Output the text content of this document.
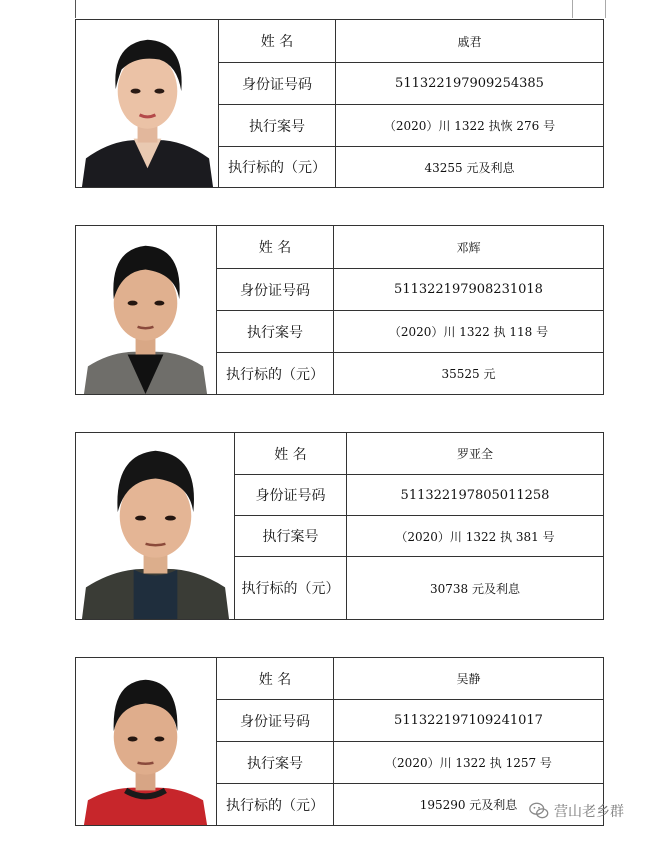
姓 名	戚君
身份证号码	511322197909254385
执行案号	（2020）川 1322 执恢 276 号
执行标的（元）	43255 元及利息
姓 名	邓辉
身份证号码	511322197908231018
执行案号	（2020）川 1322 执 118 号
执行标的（元）	35525 元
姓 名	罗亚全
身份证号码	511322197805011258
执行案号	（2020）川 1322 执 381 号
执行标的（元）	30738 元及利息
姓 名	吴静
身份证号码	511322197109241017
执行案号	（2020）川 1322 执 1257 号
执行标的（元）	195290 元及利息	营山老乡群
